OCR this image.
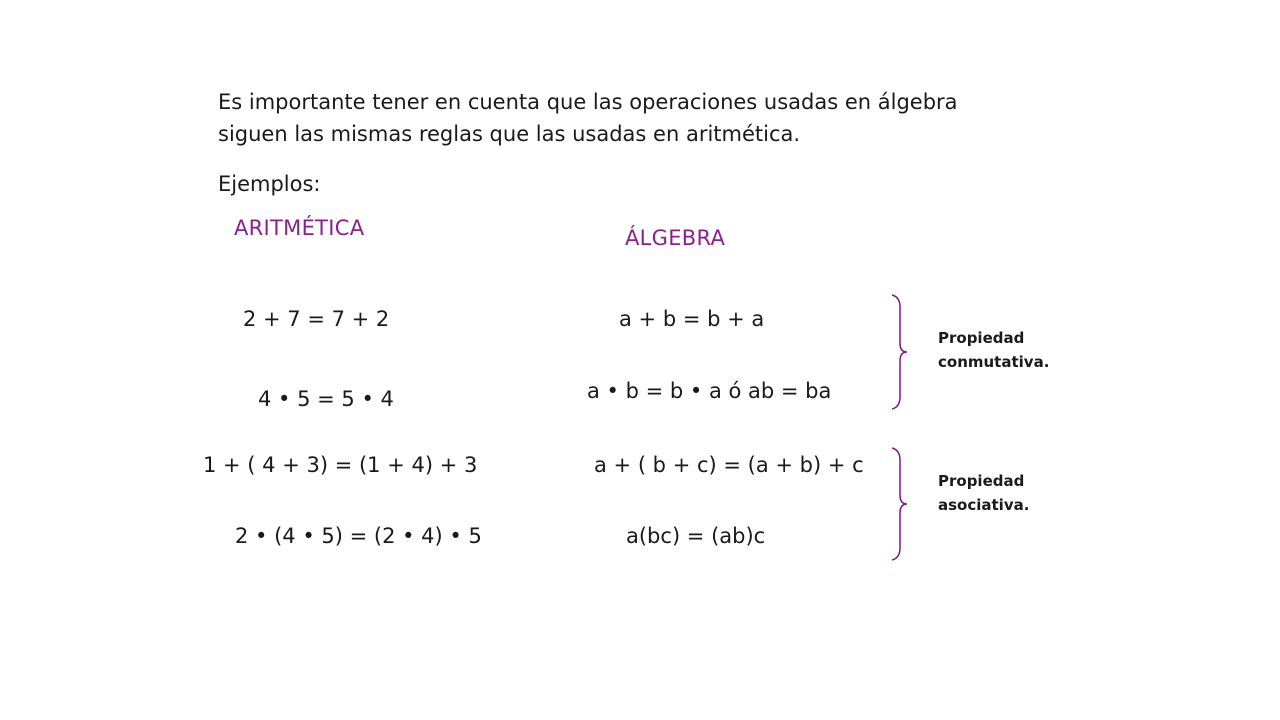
Es importante tener en cuenta que las operaciones usadas en álgebra

siguen las mismas reglas que las usadas en aritmética.

Ejemplos:
ARITMÉTICA	ÁLGEBRA
2 + 7 = 7 + 2
4 • 5 = 5 • 4
1 + ( 4 + 3) = (1 + 4) + 3
2 • (4 • 5) = (2 • 4) • 5
a + b = b + a
a • b = b • a ó ab = ba
a + ( b + c) = (a + b) + c
a(bc) = (ab)c
Propiedad
conmutativa.
Propiedad
asociativa.
